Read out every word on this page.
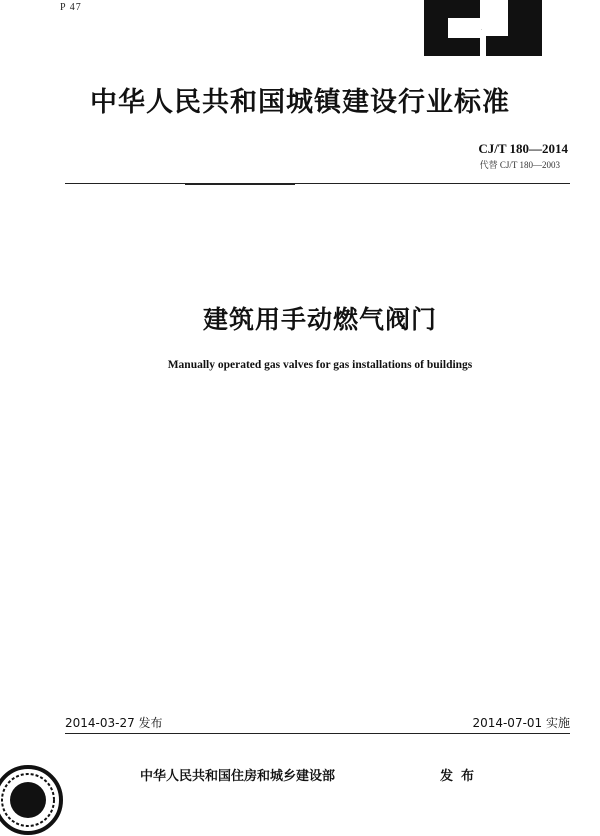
P 47
CJ
中华人民共和国城镇建设行业标准
CJ/T 180—2014
代替 CJ/T 180—2003
建筑用手动燃气阀门
Manually operated gas valves for gas installations of buildings
2014-03-27 发布	2014-07-01 实施
中华人民共和国住房和城乡建设部	发布
